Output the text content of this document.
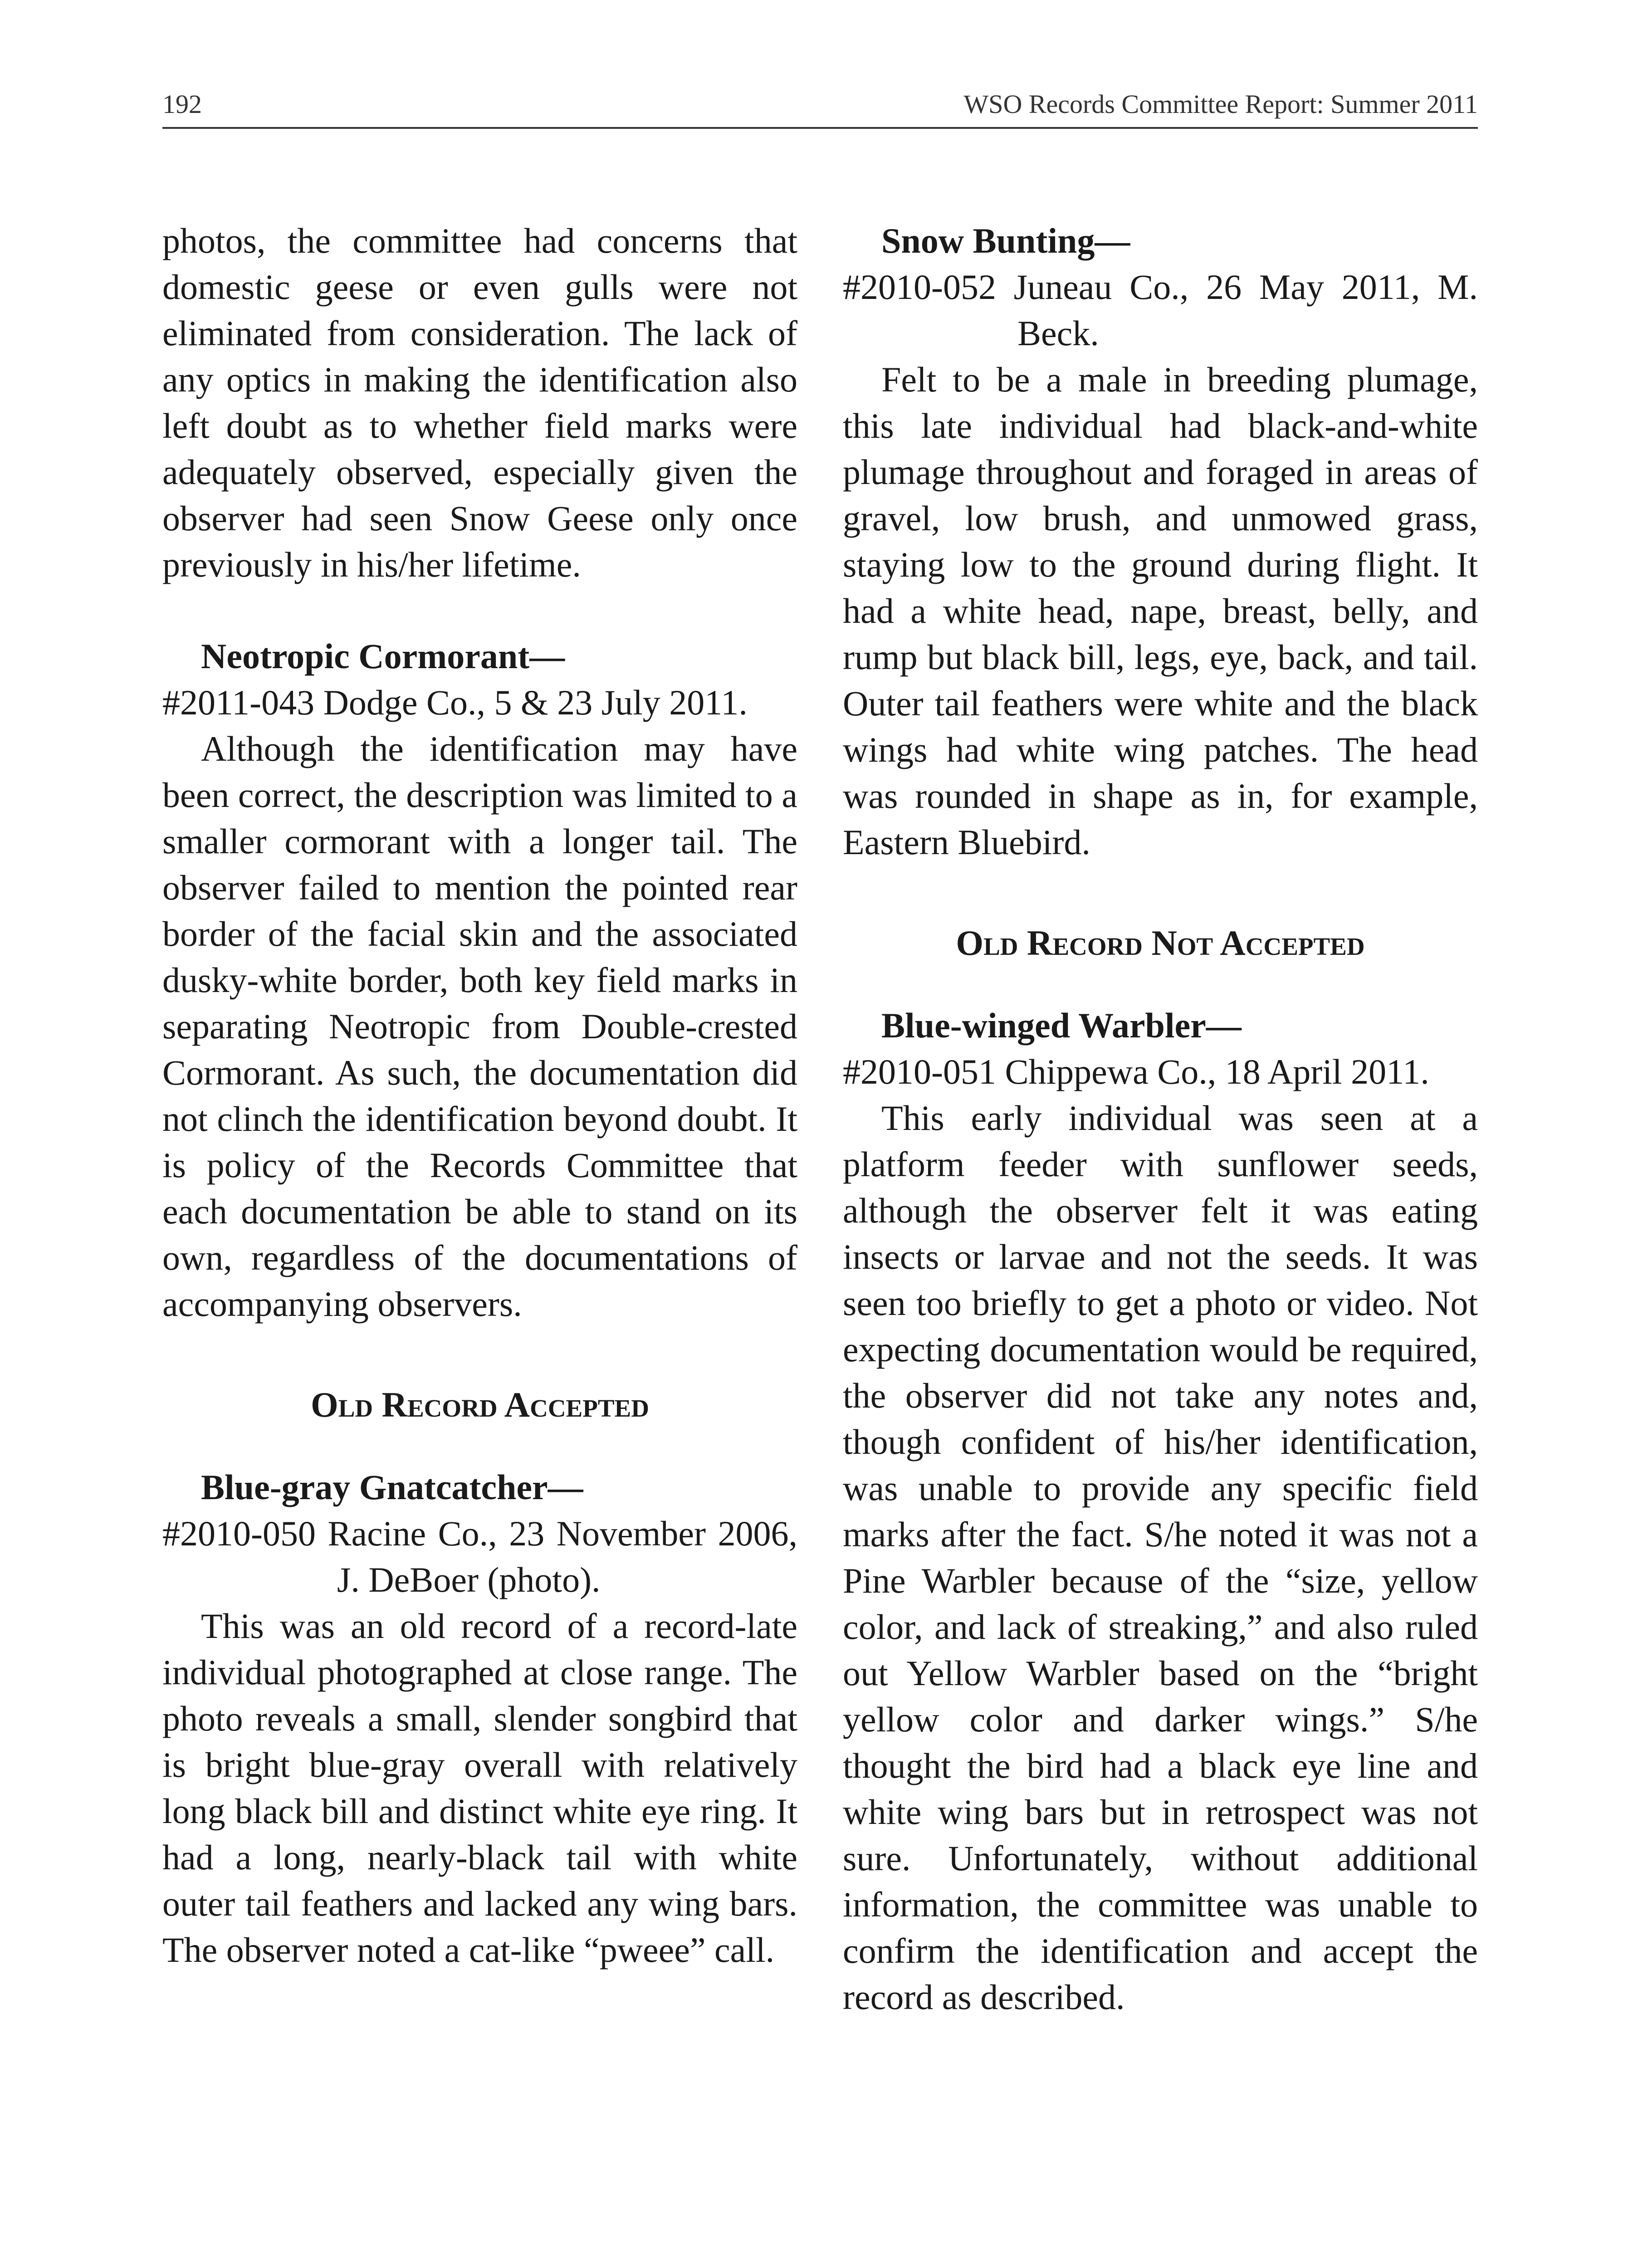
192	WSO Records Committee Report: Summer 2011

photos, the committee had concerns that domestic geese or even gulls were not eliminated from consideration. The lack of any optics in making the identification also left doubt as to whether field marks were adequately observed, especially given the observer had seen Snow Geese only once previously in his/her lifetime.

Neotropic Cormorant—

#2011-043 Dodge Co., 5 & 23 July 2011.

Although the identification may have been correct, the description was limited to a smaller cormorant with a longer tail. The observer failed to mention the pointed rear border of the facial skin and the associated dusky-white border, both key field marks in separating Neotropic from Double-crested Cormorant. As such, the documentation did not clinch the identification beyond doubt. It is policy of the Records Committee that each documentation be able to stand on its own, regardless of the documentations of accompanying observers.

Old Record Accepted

Blue-gray Gnatcatcher—

#2010-050 Racine Co., 23 November 2006, J. DeBoer (photo).

This was an old record of a record-late individual photographed at close range. The photo reveals a small, slender songbird that is bright blue-gray overall with relatively long black bill and distinct white eye ring. It had a long, nearly-black tail with white outer tail feathers and lacked any wing bars. The observer noted a cat-like “pweee” call.

Snow Bunting—

#2010-052 Juneau Co., 26 May 2011, M. Beck.

Felt to be a male in breeding plumage, this late individual had black-and-white plumage throughout and foraged in areas of gravel, low brush, and unmowed grass, staying low to the ground during flight. It had a white head, nape, breast, belly, and rump but black bill, legs, eye, back, and tail. Outer tail feathers were white and the black wings had white wing patches. The head was rounded in shape as in, for example, Eastern Bluebird.

Old Record Not Accepted

Blue-winged Warbler—

#2010-051 Chippewa Co., 18 April 2011.

This early individual was seen at a platform feeder with sunflower seeds, although the observer felt it was eating insects or larvae and not the seeds. It was seen too briefly to get a photo or video. Not expecting documentation would be required, the observer did not take any notes and, though confident of his/her identification, was unable to provide any specific field marks after the fact. S/he noted it was not a Pine Warbler because of the “size, yellow color, and lack of streaking,” and also ruled out Yellow Warbler based on the “bright yellow color and darker wings.” S/he thought the bird had a black eye line and white wing bars but in retrospect was not sure. Unfortunately, without additional information, the committee was unable to confirm the identification and accept the record as described.
